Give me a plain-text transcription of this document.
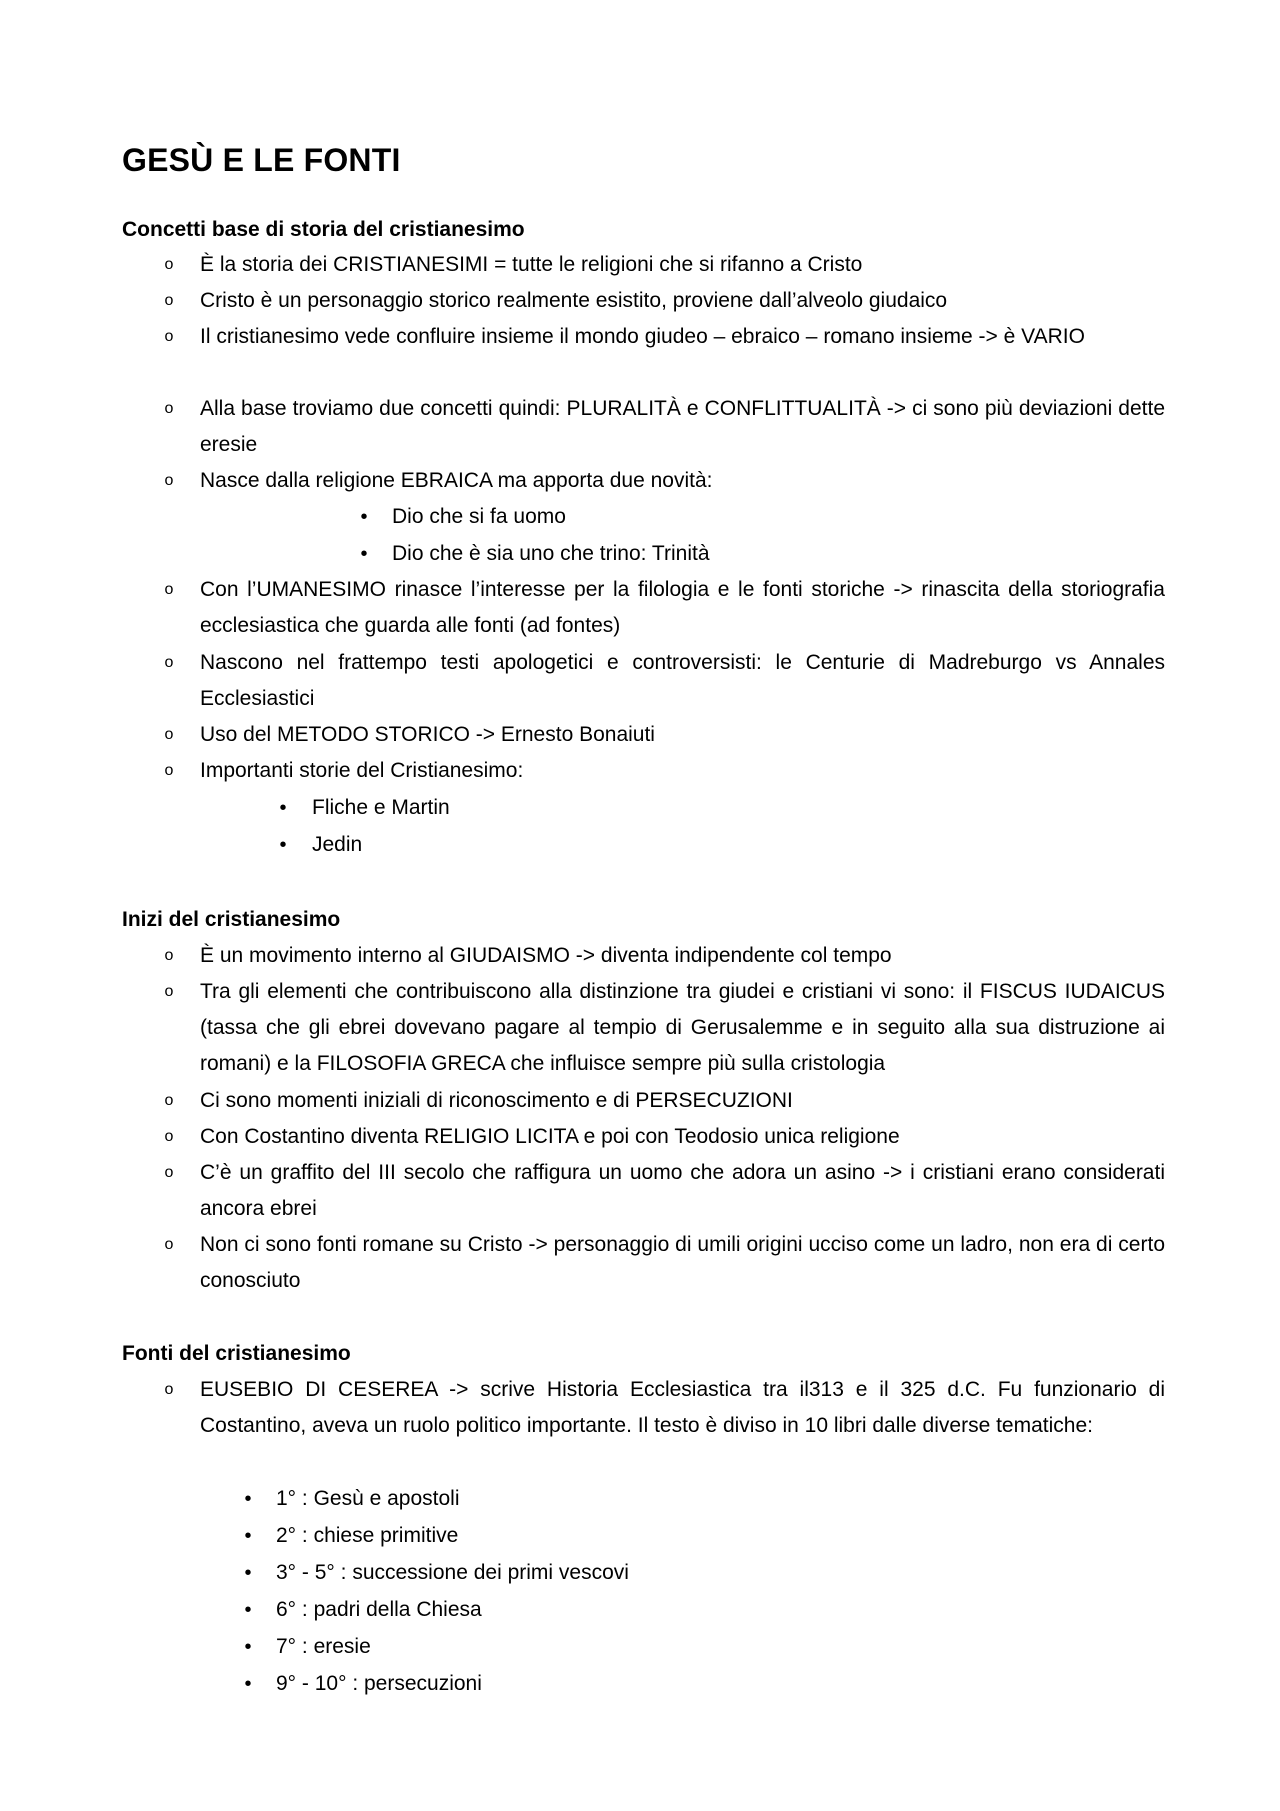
GESÙ E LE FONTI
Concetti base di storia del cristianesimo
o È la storia dei CRISTIANESIMI = tutte le religioni che si rifanno a Cristo

o Cristo è un personaggio storico realmente esistito, proviene dall’alveolo giudaico

o Il cristianesimo vede confluire insieme il mondo giudeo – ebraico – romano insieme -> è VARIO

o Alla base troviamo due concetti quindi: PLURALITÀ e CONFLITTUALITÀ -> ci sono più deviazioni dette eresie

o Nasce dalla religione EBRAICA ma apporta due novità:

•	Dio che si fa uomo

•	Dio che è sia uno che trino: Trinità

o Con l’UMANESIMO rinasce l’interesse per la filologia e le fonti storiche -> rinascita della storiografia ecclesiastica che guarda alle fonti (ad fontes)

o Nascono nel frattempo testi apologetici e controversisti: le Centurie di Madreburgo vs Annales Ecclesiastici

o Uso del METODO STORICO -> Ernesto Bonaiuti

o Importanti storie del Cristianesimo:

•	Fliche e Martin

•	Jedin

Inizi del cristianesimo
o È un movimento interno al GIUDAISMO -> diventa indipendente col tempo

o Tra gli elementi che contribuiscono alla distinzione tra giudei e cristiani vi sono: il FISCUS IUDAICUS (tassa che gli ebrei dovevano pagare al tempio di Gerusalemme e in seguito alla sua distruzione ai romani) e la FILOSOFIA GRECA che influisce sempre più sulla cristologia

o Ci sono momenti iniziali di riconoscimento e di PERSECUZIONI

o Con Costantino diventa RELIGIO LICITA e poi con Teodosio unica religione

o C’è un graffito del III secolo che raffigura un uomo che adora un asino -> i cristiani erano considerati ancora ebrei

o Non ci sono fonti romane su Cristo -> personaggio di umili origini ucciso come un ladro, non era di certo conosciuto

Fonti del cristianesimo
o EUSEBIO DI CESEREA -> scrive Historia Ecclesiastica tra il313 e il 325 d.C. Fu funzionario di Costantino, aveva un ruolo politico importante. Il testo è diviso in 10 libri dalle diverse tematiche:

•	1° : Gesù e apostoli

•	2° : chiese primitive

•	3° - 5° : successione dei primi vescovi

•	6° : padri della Chiesa

•	7° : eresie

•	9° - 10° : persecuzioni
